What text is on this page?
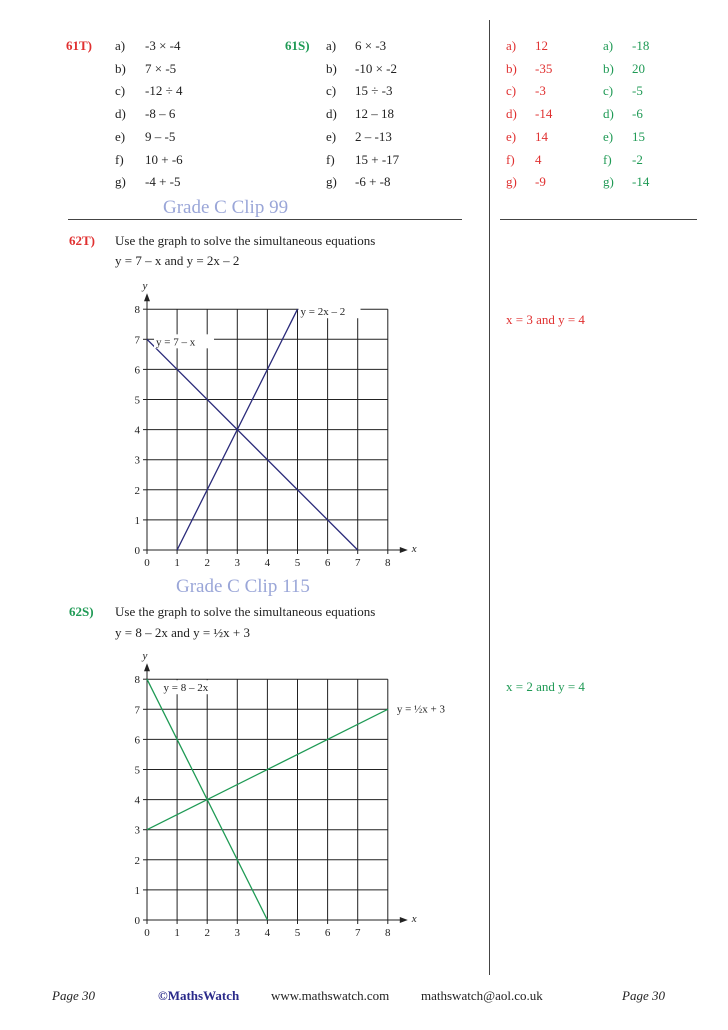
61T) a) -3 × -4
b) 7 × -5
c) -12 ÷ 4
d) -8 – 6
e) 9 – -5
f) 10 + -6
g) -4 + -5
61S) a) 6 × -3
b) -10 × -2
c) 15 ÷ -3
d) 12 – 18
e) 2 – -13
f) 15 + -17
g) -6 + -8
a) 12
b) -35
c) -3
d) -14
e) 14
f) 4
g) -9
a) -18
b) 20
c) -5
d) -6
e) 15
f) -2
g) -14
Grade C Clip 99
62T) Use the graph to solve the simultaneous equations
y = 7 – x and y = 2x – 2
x = 3 and y = 4
0 1 2 3 4 5 6 7 8
0
1
2
3
4
5
6
7
8
x
y
y = 7 – x
y = 2x – 2
Grade C Clip 115
62S) Use the graph to solve the simultaneous equations
y = 8 – 2x and y = ½x + 3
x = 2 and y = 4
0 1 2 3 4 5 6 7 8
0
1
2
3
4
5
6
7
8
x
y
y = 8 – 2x
y = ½x + 3
Page 30	©MathsWatch www.mathswatch.com mathswatch@aol.co.uk	Page 30
